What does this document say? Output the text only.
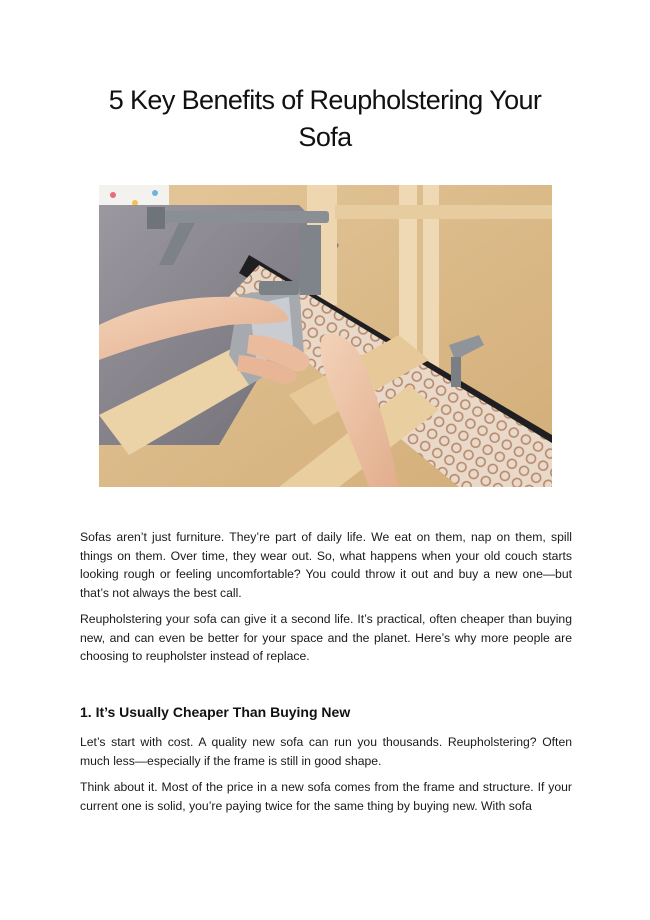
5 Key Benefits of Reupholstering Your Sofa

Sofas aren’t just furniture. They’re part of daily life. We eat on them, nap on them, spill things on them. Over time, they wear out. So, what happens when your old couch starts looking rough or feeling uncomfortable? You could throw it out and buy a new one—but that’s not always the best call.

Reupholstering your sofa can give it a second life. It’s practical, often cheaper than buying new, and can even be better for your space and the planet. Here’s why more people are choosing to reupholster instead of replace.

1. It’s Usually Cheaper Than Buying New

Let’s start with cost. A quality new sofa can run you thousands. Reupholstering? Often much less—especially if the frame is still in good shape.

Think about it. Most of the price in a new sofa comes from the frame and structure. If your current one is solid, you’re paying twice for the same thing by buying new. With sofa
